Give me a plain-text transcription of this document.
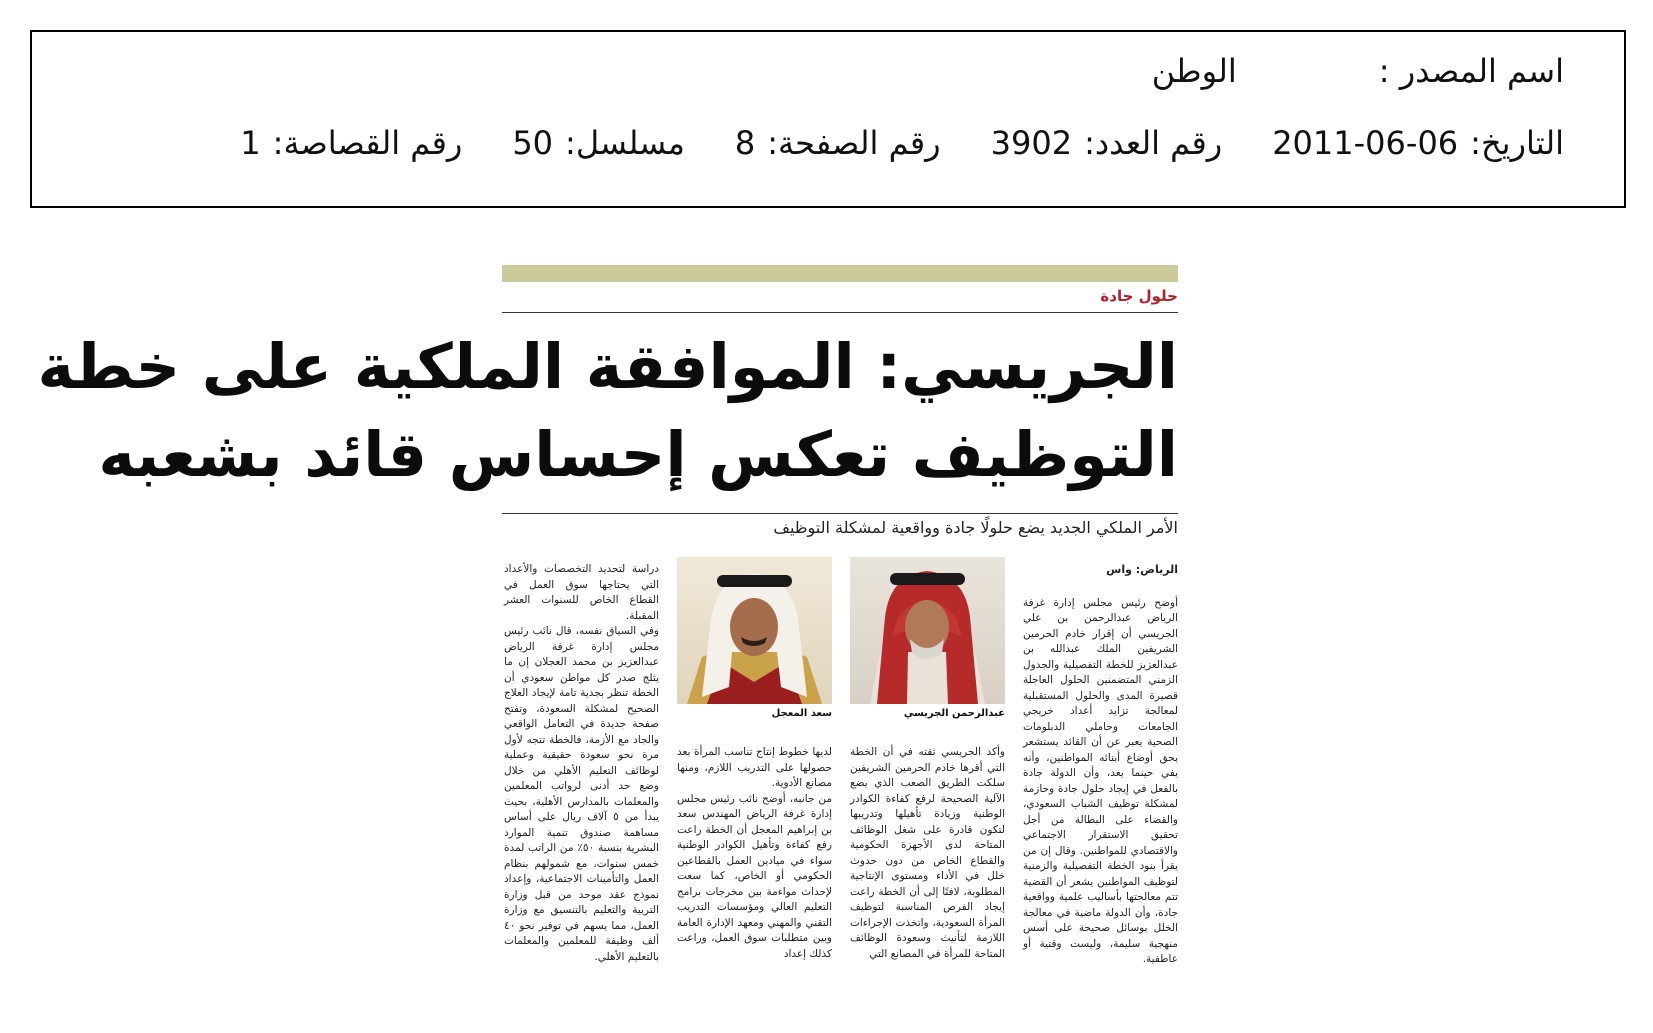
اسم المصدر :
الوطن
التاريخ:
2011-06-06
رقم العدد:
3902
رقم الصفحة:
8
مسلسل:
50
رقم القصاصة:
1
حلول جادة
الجريسي: الموافقة الملكية على خطة
التوظيف تعكس إحساس قائد بشعبه
الأمر الملكي الجديد يضع حلولًا جادة وواقعية لمشكلة التوظيف
الرياض: واس

أوضح رئيس مجلس إدارة غرفة الرياض عبدالرحمن بن علي الجريسي أن إقرار خادم الحرمين الشريفين الملك عبدالله بن عبدالعزيز للخطة التفصيلية والجدول الزمني المتضمنين الحلول العاجلة قصيرة المدى والحلول المستقبلية لمعالجة تزايد أعداد خريجي الجامعات وحاملي الدبلومات الصحية يعبر عن أن القائد يستشعر بحق أوضاع أبنائه المواطنين، وأنه يفي حينما يعد، وأن الدولة جادة بالفعل في إيجاد حلول جادة وحازمة لمشكلة توظيف الشباب السعودي، والقضاء على البطالة من أجل تحقيق الاستقرار الاجتماعي والاقتصادي للمواطنين. وقال إن من يقرأ بنود الخطة التفصيلية والزمنية لتوظيف المواطنين يشعر أن القضية تتم معالجتها بأساليب علمية وواقعية جادة، وأن الدولة ماضية في معالجة الخلل بوسائل صحيحة على أسس منهجية سليمة، وليست وقتية أو عاطفية.

عبدالرحمن الجريسي
سعد المعجل

وأكد الجريسي ثقته في أن الخطة التي أقرها خادم الحرمين الشريفين سلكت الطريق الصعب الذي يضع الآلية الصحيحة لرفع كفاءة الكوادر الوطنية وزيادة تأهيلها وتدريبها لتكون قادرة على شغل الوظائف المتاحة لدى الأجهزة الحكومية والقطاع الخاص من دون حدوث خلل في الأداء ومستوى الإنتاجية المطلوبة، لافتًا إلى أن الخطة راعت إيجاد الفرص المناسبة لتوظيف المرأة السعودية، واتخذت الإجراءات اللازمة لتأنيث وسعودة الوظائف المتاحة للمرأة في المصانع التي

لديها خطوط إنتاج تناسب المرأة بعد حصولها على التدريب اللازم، ومنها مصانع الأدوية.

من جانبه، أوضح نائب رئيس مجلس إدارة غرفة الرياض المهندس سعد بن إبراهيم المعجل أن الخطة راعت رفع كفاءة وتأهيل الكوادر الوطنية سواء في ميادين العمل بالقطاعين الحكومي أو الخاص، كما سعت لإحداث مواءمة بين مخرجات برامج التعليم العالي ومؤسسات التدريب التقني والمهني ومعهد الإدارة العامة وبين متطلبات سوق العمل، وراعت كذلك إعداد

دراسة لتحديد التخصصات والأعداد التي يحتاجها سوق العمل في القطاع الخاص للسنوات العشر المقبلة.

وفي السياق نفسه، قال نائب رئيس مجلس إدارة غرفة الرياض عبدالعزيز بن محمد العجلان إن ما يثلج صدر كل مواطن سعودي أن الخطة تنظر بجدية تامة لإيجاد العلاج الصحيح لمشكلة السعودة، وتفتح صفحة جديدة في التعامل الواقعي والجاد مع الأزمة، فالخطة تتجه لأول مرة نحو سعودة حقيقية وعملية لوظائف التعليم الأهلي من خلال وضع حد أدنى لرواتب المعلمين والمعلمات بالمدارس الأهلية، بحيث يبدأ من ٥ آلاف ريال على أساس مساهمة صندوق تنمية الموارد البشرية بنسبة ٥٠٪ من الراتب لمدة خمس سنوات، مع شمولهم بنظام العمل والتأمينات الاجتماعية، وإعداد نموذج عقد موحد من قبل وزارة التربية والتعليم بالتنسيق مع وزارة العمل، مما يسهم في توفير نحو ٤٠ ألف وظيفة للمعلمين والمعلمات بالتعليم الأهلي.
